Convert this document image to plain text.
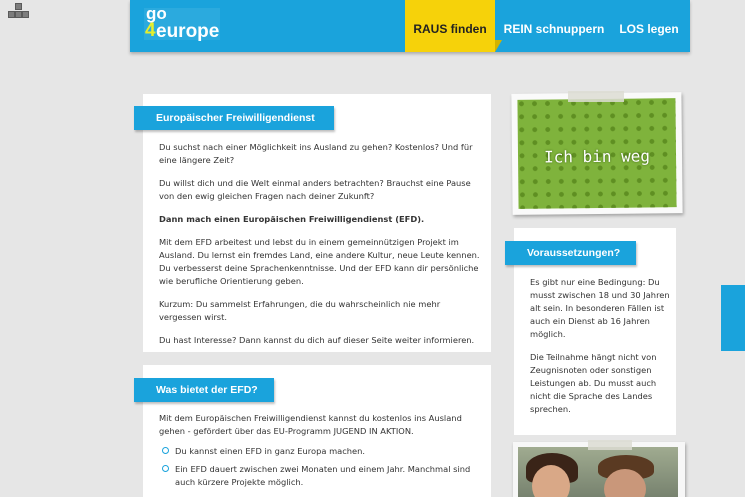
go
4 europe	RAUS finden	REIN schnuppern	LOS legen
Europäischer Freiwilligendienst

Du suchst nach einer Möglichkeit ins Ausland zu gehen? Kostenlos? Und für eine längere Zeit?

Du willst dich und die Welt einmal anders betrachten? Brauchst eine Pause von den ewig gleichen Fragen nach deiner Zukunft?

Dann mach einen Europäischen Freiwilligendienst (EFD).

Mit dem EFD arbeitest und lebst du in einem gemeinnützigen Projekt im Ausland. Du lernst ein fremdes Land, eine andere Kultur, neue Leute kennen. Du verbesserst deine Sprachenkenntnisse. Und der EFD kann dir persönliche wie berufliche Orientierung geben.

Kurzum: Du sammelst Erfahrungen, die du wahrscheinlich nie mehr vergessen wirst.

Du hast Interesse? Dann kannst du dich auf dieser Seite weiter informieren.

Was bietet der EFD?

Mit dem Europäischen Freiwilligendienst kannst du kostenlos ins Ausland gehen - gefördert über das EU-Programm JUGEND IN AKTION.

Du kannst einen EFD in ganz Europa machen.
Ein EFD dauert zwischen zwei Monaten und einem Jahr. Manchmal sind auch kürzere Projekte möglich.
Ich bin weg
Voraussetzungen?

Es gibt nur eine Bedingung: Du musst zwischen 18 und 30 Jahren alt sein. In besonderen Fällen ist auch ein Dienst ab 16 Jahren möglich.

Die Teilnahme hängt nicht von Zeugnisnoten oder sonstigen Leistungen ab. Du musst auch nicht die Sprache des Landes sprechen.
